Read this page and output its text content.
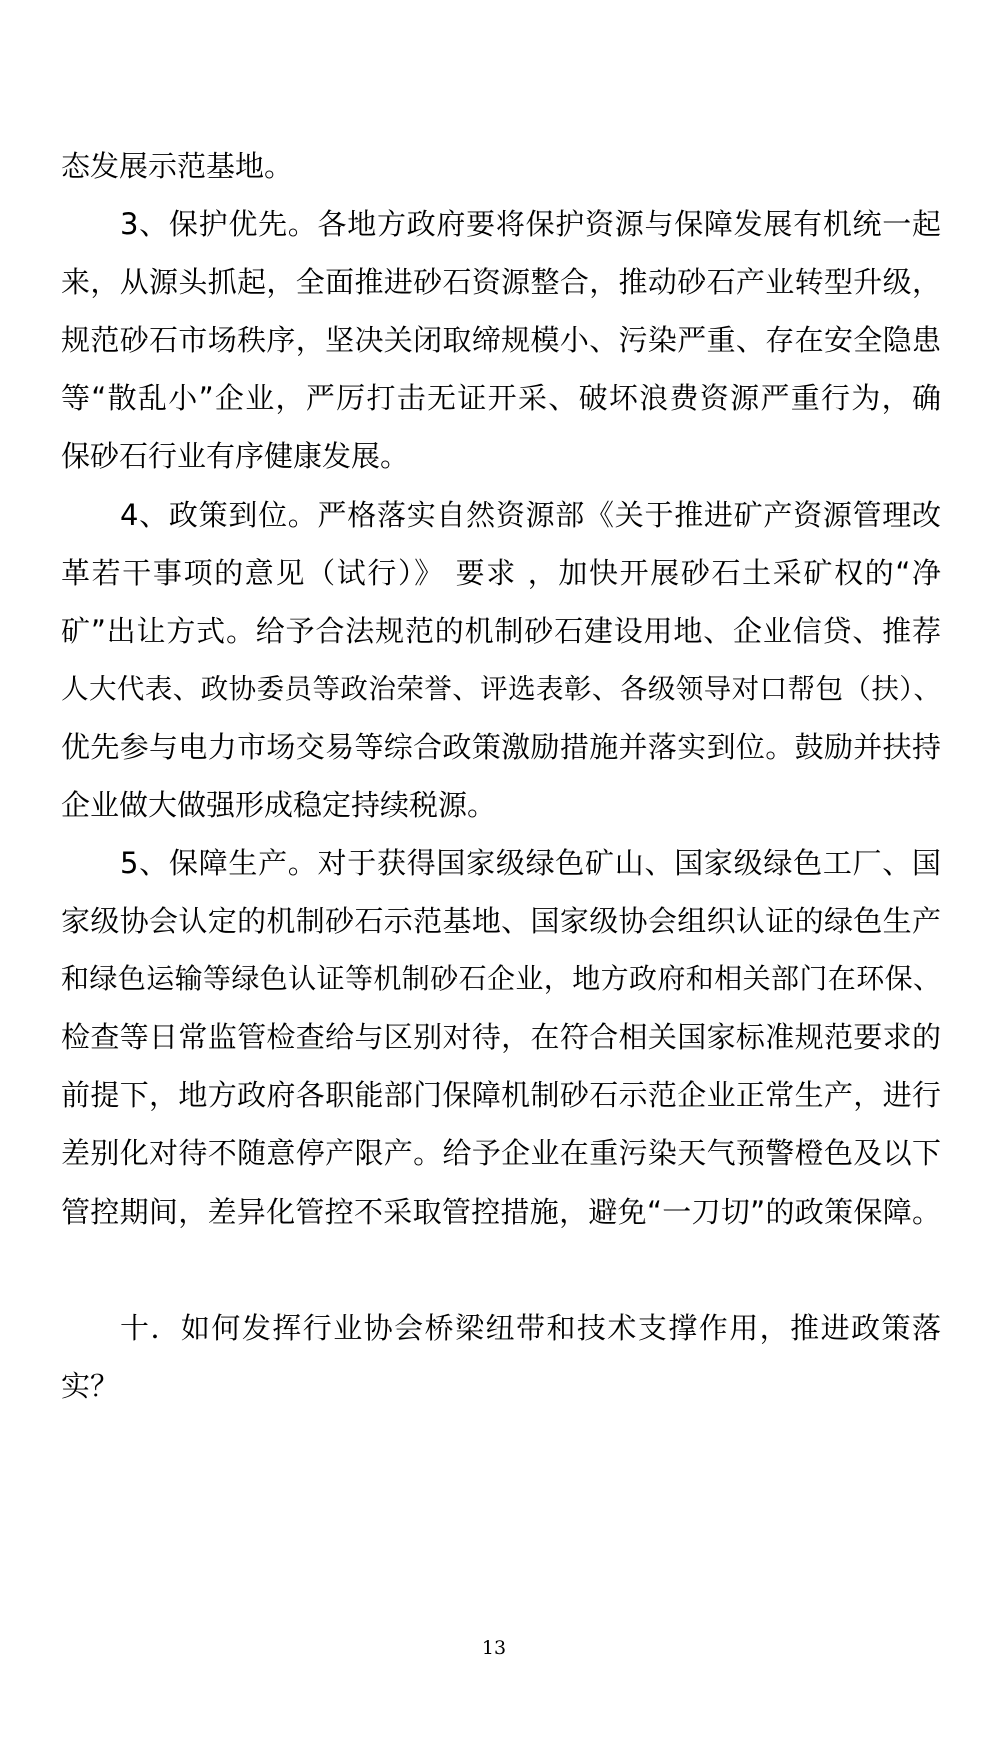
态发展示范基地。
3、保护优先。各地方政府要将保护资源与保障发展有机统一起
来，从源头抓起，全面推进砂石资源整合，推动砂石产业转型升级，
规范砂石市场秩序，坚决关闭取缔规模小、污染严重、存在安全隐患
等“散乱小”企业，严厉打击无证开采、破坏浪费资源严重行为，确
保砂石行业有序健康发展。
4、政策到位。严格落实自然资源部《关于推进矿产资源管理改
革若干事项的意见（试行）》 要求 ，加快开展砂石土采矿权的“净
矿”出让方式。给予合法规范的机制砂石建设用地、企业信贷、推荐
人大代表、政协委员等政治荣誉、评选表彰、各级领导对口帮包（扶）、
优先参与电力市场交易等综合政策激励措施并落实到位。鼓励并扶持
企业做大做强形成稳定持续税源。
5、保障生产。对于获得国家级绿色矿山、国家级绿色工厂、国
家级协会认定的机制砂石示范基地、国家级协会组织认证的绿色生产
和绿色运输等绿色认证等机制砂石企业，地方政府和相关部门在环保、
检查等日常监管检查给与区别对待，在符合相关国家标准规范要求的
前提下，地方政府各职能部门保障机制砂石示范企业正常生产，进行
差别化对待不随意停产限产。给予企业在重污染天气预警橙色及以下
管控期间，差异化管控不采取管控措施，避免“一刀切”的政策保障。
十．如何发挥行业协会桥梁纽带和技术支撑作用，推进政策落
实？
13
